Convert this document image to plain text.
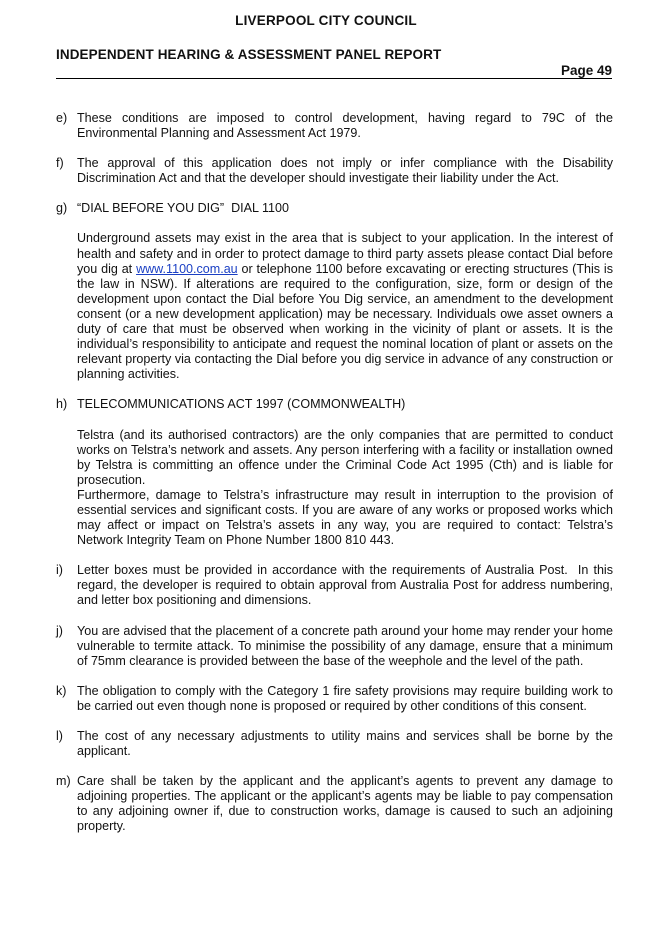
LIVERPOOL CITY COUNCIL
INDEPENDENT HEARING & ASSESSMENT PANEL REPORT
Page 49
e) These conditions are imposed to control development, having regard to 79C of the Environmental Planning and Assessment Act 1979.

f) The approval of this application does not imply or infer compliance with the Disability Discrimination Act and that the developer should investigate their liability under the Act.

g) “DIAL BEFORE YOU DIG”  DIAL 1100

Underground assets may exist in the area that is subject to your application. In the interest of health and safety and in order to protect damage to third party assets please contact Dial before you dig at www.1100.com.au or telephone 1100 before excavating or erecting structures (This is the law in NSW). If alterations are required to the configuration, size, form or design of the development upon contact the Dial before You Dig service, an amendment to the development consent (or a new development application) may be necessary. Individuals owe asset owners a duty of care that must be observed when working in the vicinity of plant or assets. It is the individual’s responsibility to anticipate and request the nominal location of plant or assets on the relevant property via contacting the Dial before you dig service in advance of any construction or planning activities.

h) TELECOMMUNICATIONS ACT 1997 (COMMONWEALTH)

Telstra (and its authorised contractors) are the only companies that are permitted to conduct works on Telstra’s network and assets. Any person interfering with a facility or installation owned by Telstra is committing an offence under the Criminal Code Act 1995 (Cth) and is liable for prosecution.

Furthermore, damage to Telstra’s infrastructure may result in interruption to the provision of essential services and significant costs. If you are aware of any works or proposed works which may affect or impact on Telstra’s assets in any way, you are required to contact: Telstra’s Network Integrity Team on Phone Number 1800 810 443.

i) Letter boxes must be provided in accordance with the requirements of Australia Post.  In this regard, the developer is required to obtain approval from Australia Post for address numbering, and letter box positioning and dimensions.

j) You are advised that the placement of a concrete path around your home may render your home vulnerable to termite attack. To minimise the possibility of any damage, ensure that a minimum of 75mm clearance is provided between the base of the weephole and the level of the path.

k) The obligation to comply with the Category 1 fire safety provisions may require building work to be carried out even though none is proposed or required by other conditions of this consent.

l) The cost of any necessary adjustments to utility mains and services shall be borne by the applicant.

m) Care shall be taken by the applicant and the applicant’s agents to prevent any damage to adjoining properties. The applicant or the applicant’s agents may be liable to pay compensation to any adjoining owner if, due to construction works, damage is caused to such an adjoining property.
